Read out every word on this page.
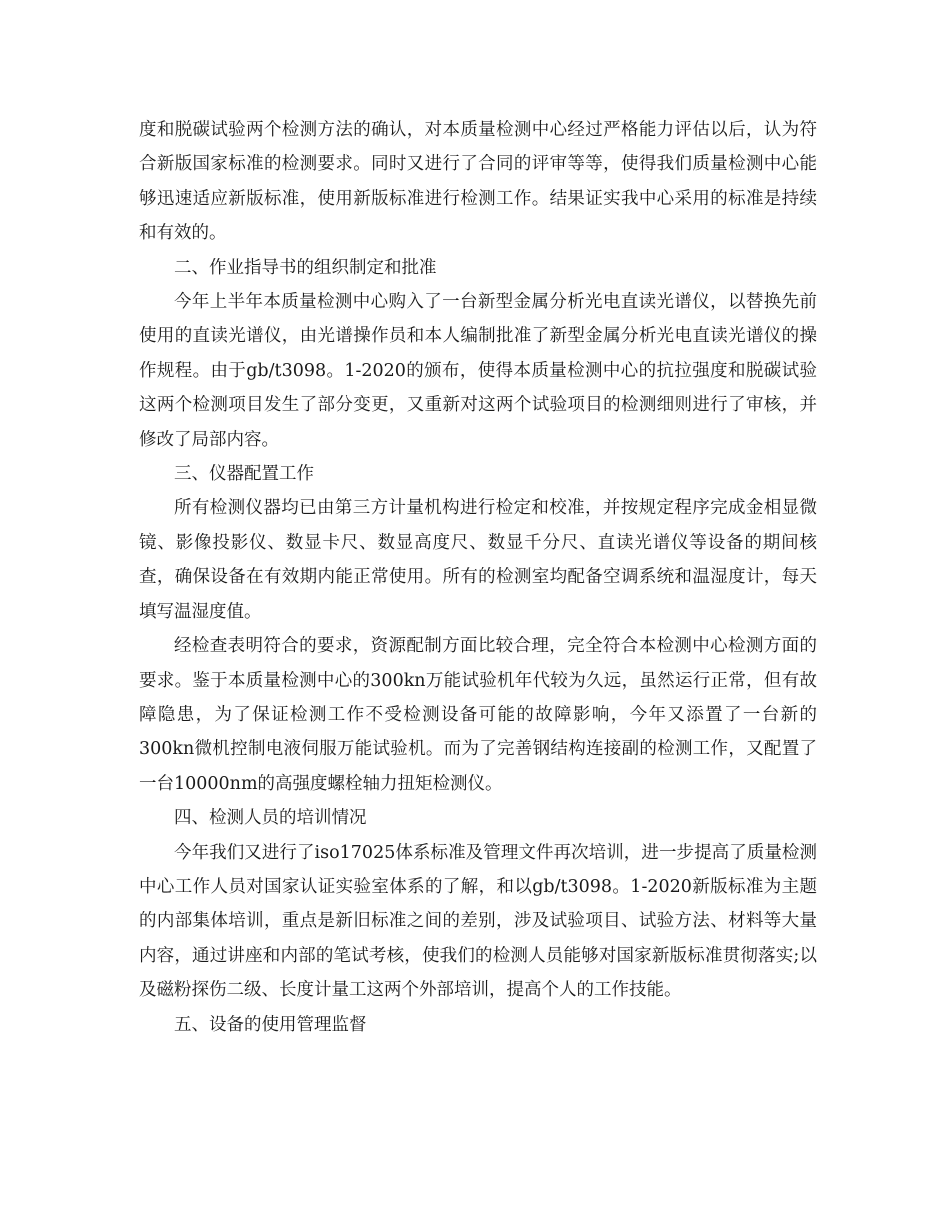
度和脱碳试验两个检测方法的确认，对本质量检测中心经过严格能力评估以后，认为符合新版国家标准的检测要求。同时又进行了合同的评审等等，使得我们质量检测中心能够迅速适应新版标准，使用新版标准进行检测工作。结果证实我中心采用的标准是持续和有效的。

二、作业指导书的组织制定和批准

今年上半年本质量检测中心购入了一台新型金属分析光电直读光谱仪，以替换先前使用的直读光谱仪，由光谱操作员和本人编制批准了新型金属分析光电直读光谱仪的操作规程。由于gb/t3098。1-2020的颁布，使得本质量检测中心的抗拉强度和脱碳试验这两个检测项目发生了部分变更，又重新对这两个试验项目的检测细则进行了审核，并修改了局部内容。

三、仪器配置工作

所有检测仪器均已由第三方计量机构进行检定和校准，并按规定程序完成金相显微镜、影像投影仪、数显卡尺、数显高度尺、数显千分尺、直读光谱仪等设备的期间核查，确保设备在有效期内能正常使用。所有的检测室均配备空调系统和温湿度计，每天填写温湿度值。

经检查表明符合的要求，资源配制方面比较合理，完全符合本检测中心检测方面的要求。鉴于本质量检测中心的300kn万能试验机年代较为久远，虽然运行正常，但有故障隐患，为了保证检测工作不受检测设备可能的故障影响，今年又添置了一台新的300kn微机控制电液伺服万能试验机。而为了完善钢结构连接副的检测工作，又配置了一台10000nm的高强度螺栓轴力扭矩检测仪。

四、检测人员的培训情况

今年我们又进行了iso17025体系标准及管理文件再次培训，进一步提高了质量检测中心工作人员对国家认证实验室体系的了解，和以gb/t3098。1-2020新版标准为主题的内部集体培训，重点是新旧标准之间的差别，涉及试验项目、试验方法、材料等大量内容，通过讲座和内部的笔试考核，使我们的检测人员能够对国家新版标准贯彻落实;以及磁粉探伤二级、长度计量工这两个外部培训，提高个人的工作技能。

五、设备的使用管理监督
